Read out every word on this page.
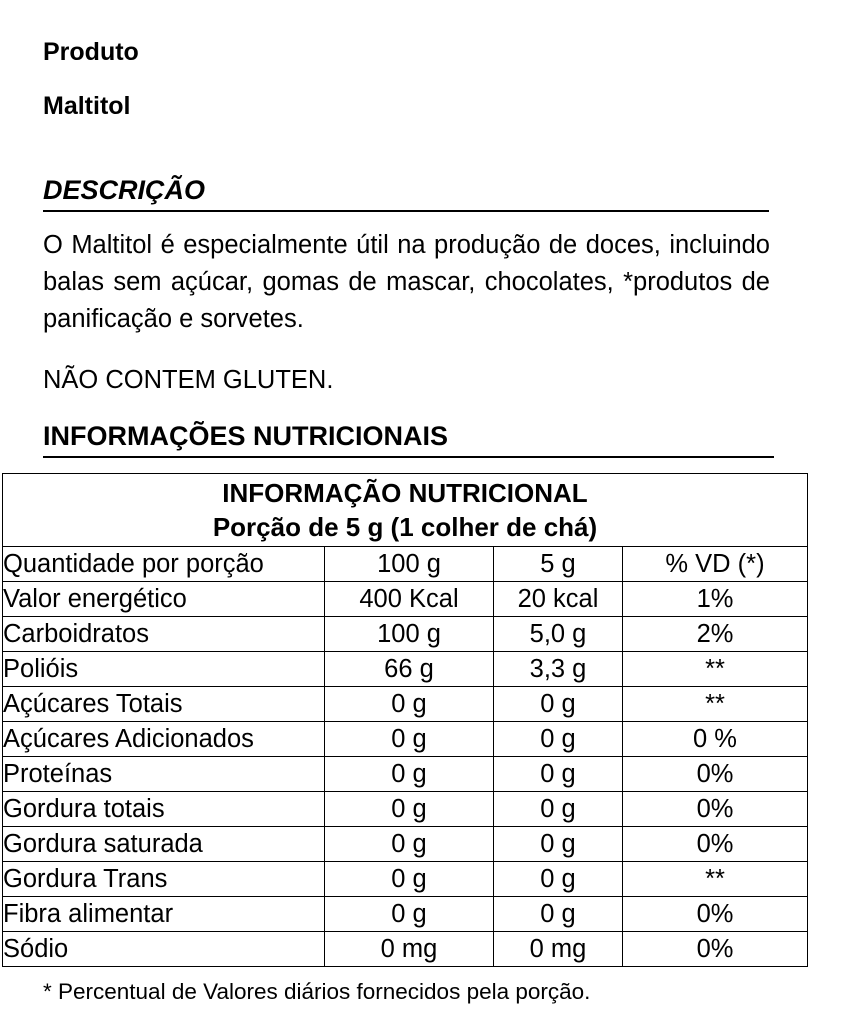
Produto
Maltitol
DESCRIÇÃO
O Maltitol é especialmente útil na produção de doces, incluindo balas sem açúcar, gomas de mascar, chocolates, *produtos de panificação e sorvetes.
NÃO CONTEM GLUTEN.
INFORMAÇÕES NUTRICIONAIS
INFORMAÇÃO NUTRICIONAL
Porção de 5 g (1 colher de chá)			

Quantidade por porção	100 g	5 g	% VD (*)
Valor energético	400 Kcal	20 kcal	1%
Carboidratos	100 g	5,0 g	2%
Polióis	66 g	3,3 g	**
Açúcares Totais	0 g	0 g	**
Açúcares Adicionados	0 g	0 g	0 %
Proteínas	0 g	0 g	0%
Gordura totais	0 g	0 g	0%
Gordura saturada	0 g	0 g	0%
Gordura Trans	0 g	0 g	**
Fibra alimentar	0 g	0 g	0%
Sódio	0 mg	0 mg	0%
* Percentual de Valores diários fornecidos pela porção.
